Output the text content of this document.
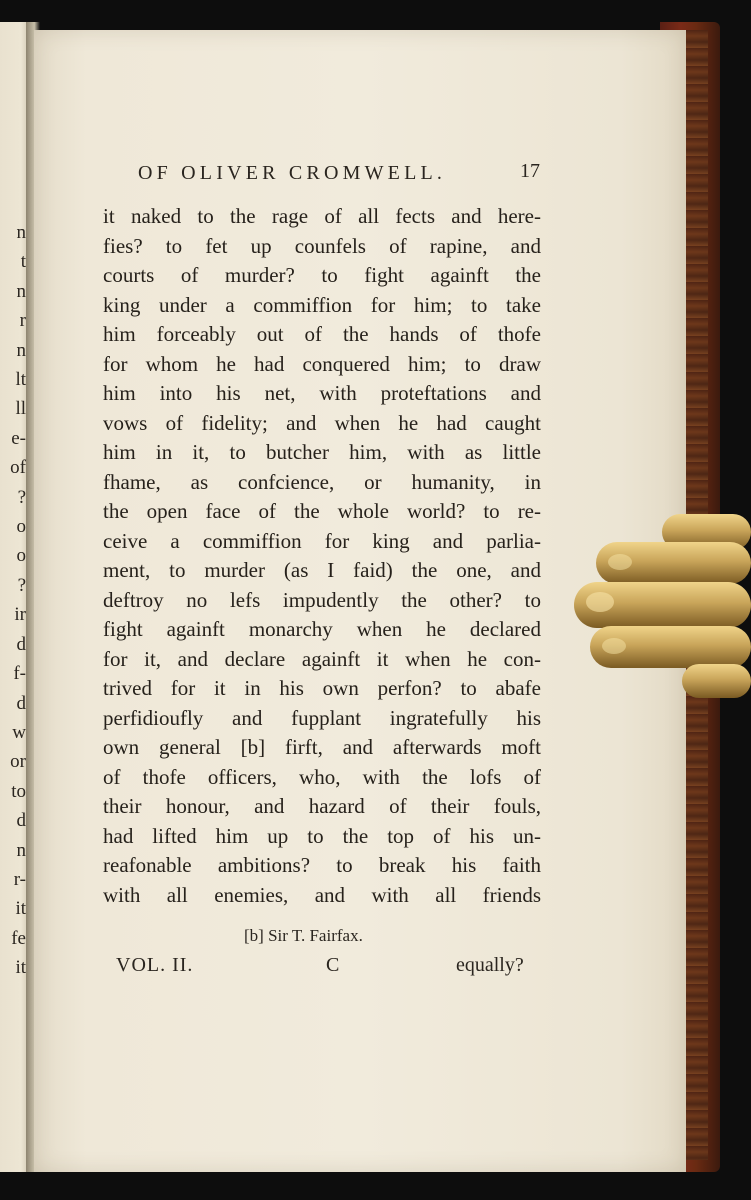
n
t
n
r
n
lt
ll
e-
of
?
o
o
?
ir
d
f-
d
w
or
to
d
n
r-
it
fe
it
OF OLIVER CROMWELL.	17
it naked to the rage of all fects and here-
fies? to fet up counfels of rapine, and
courts of murder? to fight againft the
king under a commiffion for him; to take
him forceably out of the hands of thofe
for whom he had conquered him; to draw
him into his net, with proteftations and
vows of fidelity; and when he had caught
him in it, to butcher him, with as little
fhame, as confcience, or humanity, in
the open face of the whole world? to re-
ceive a commiffion for king and parlia-
ment, to murder (as I faid) the one, and
deftroy no lefs impudently the other? to
fight againft monarchy when he declared
for it, and declare againft it when he con-
trived for it in his own perfon? to abafe
perfidioufly and fupplant ingratefully his
own general [b] firft, and afterwards moft
of thofe officers, who, with the lofs of
their honour, and hazard of their fouls,
had lifted him up to the top of his un-
reafonable ambitions? to break his faith
with all enemies, and with all friends
[b] Sir T. Fairfax.
VOL. II.	C	equally?
